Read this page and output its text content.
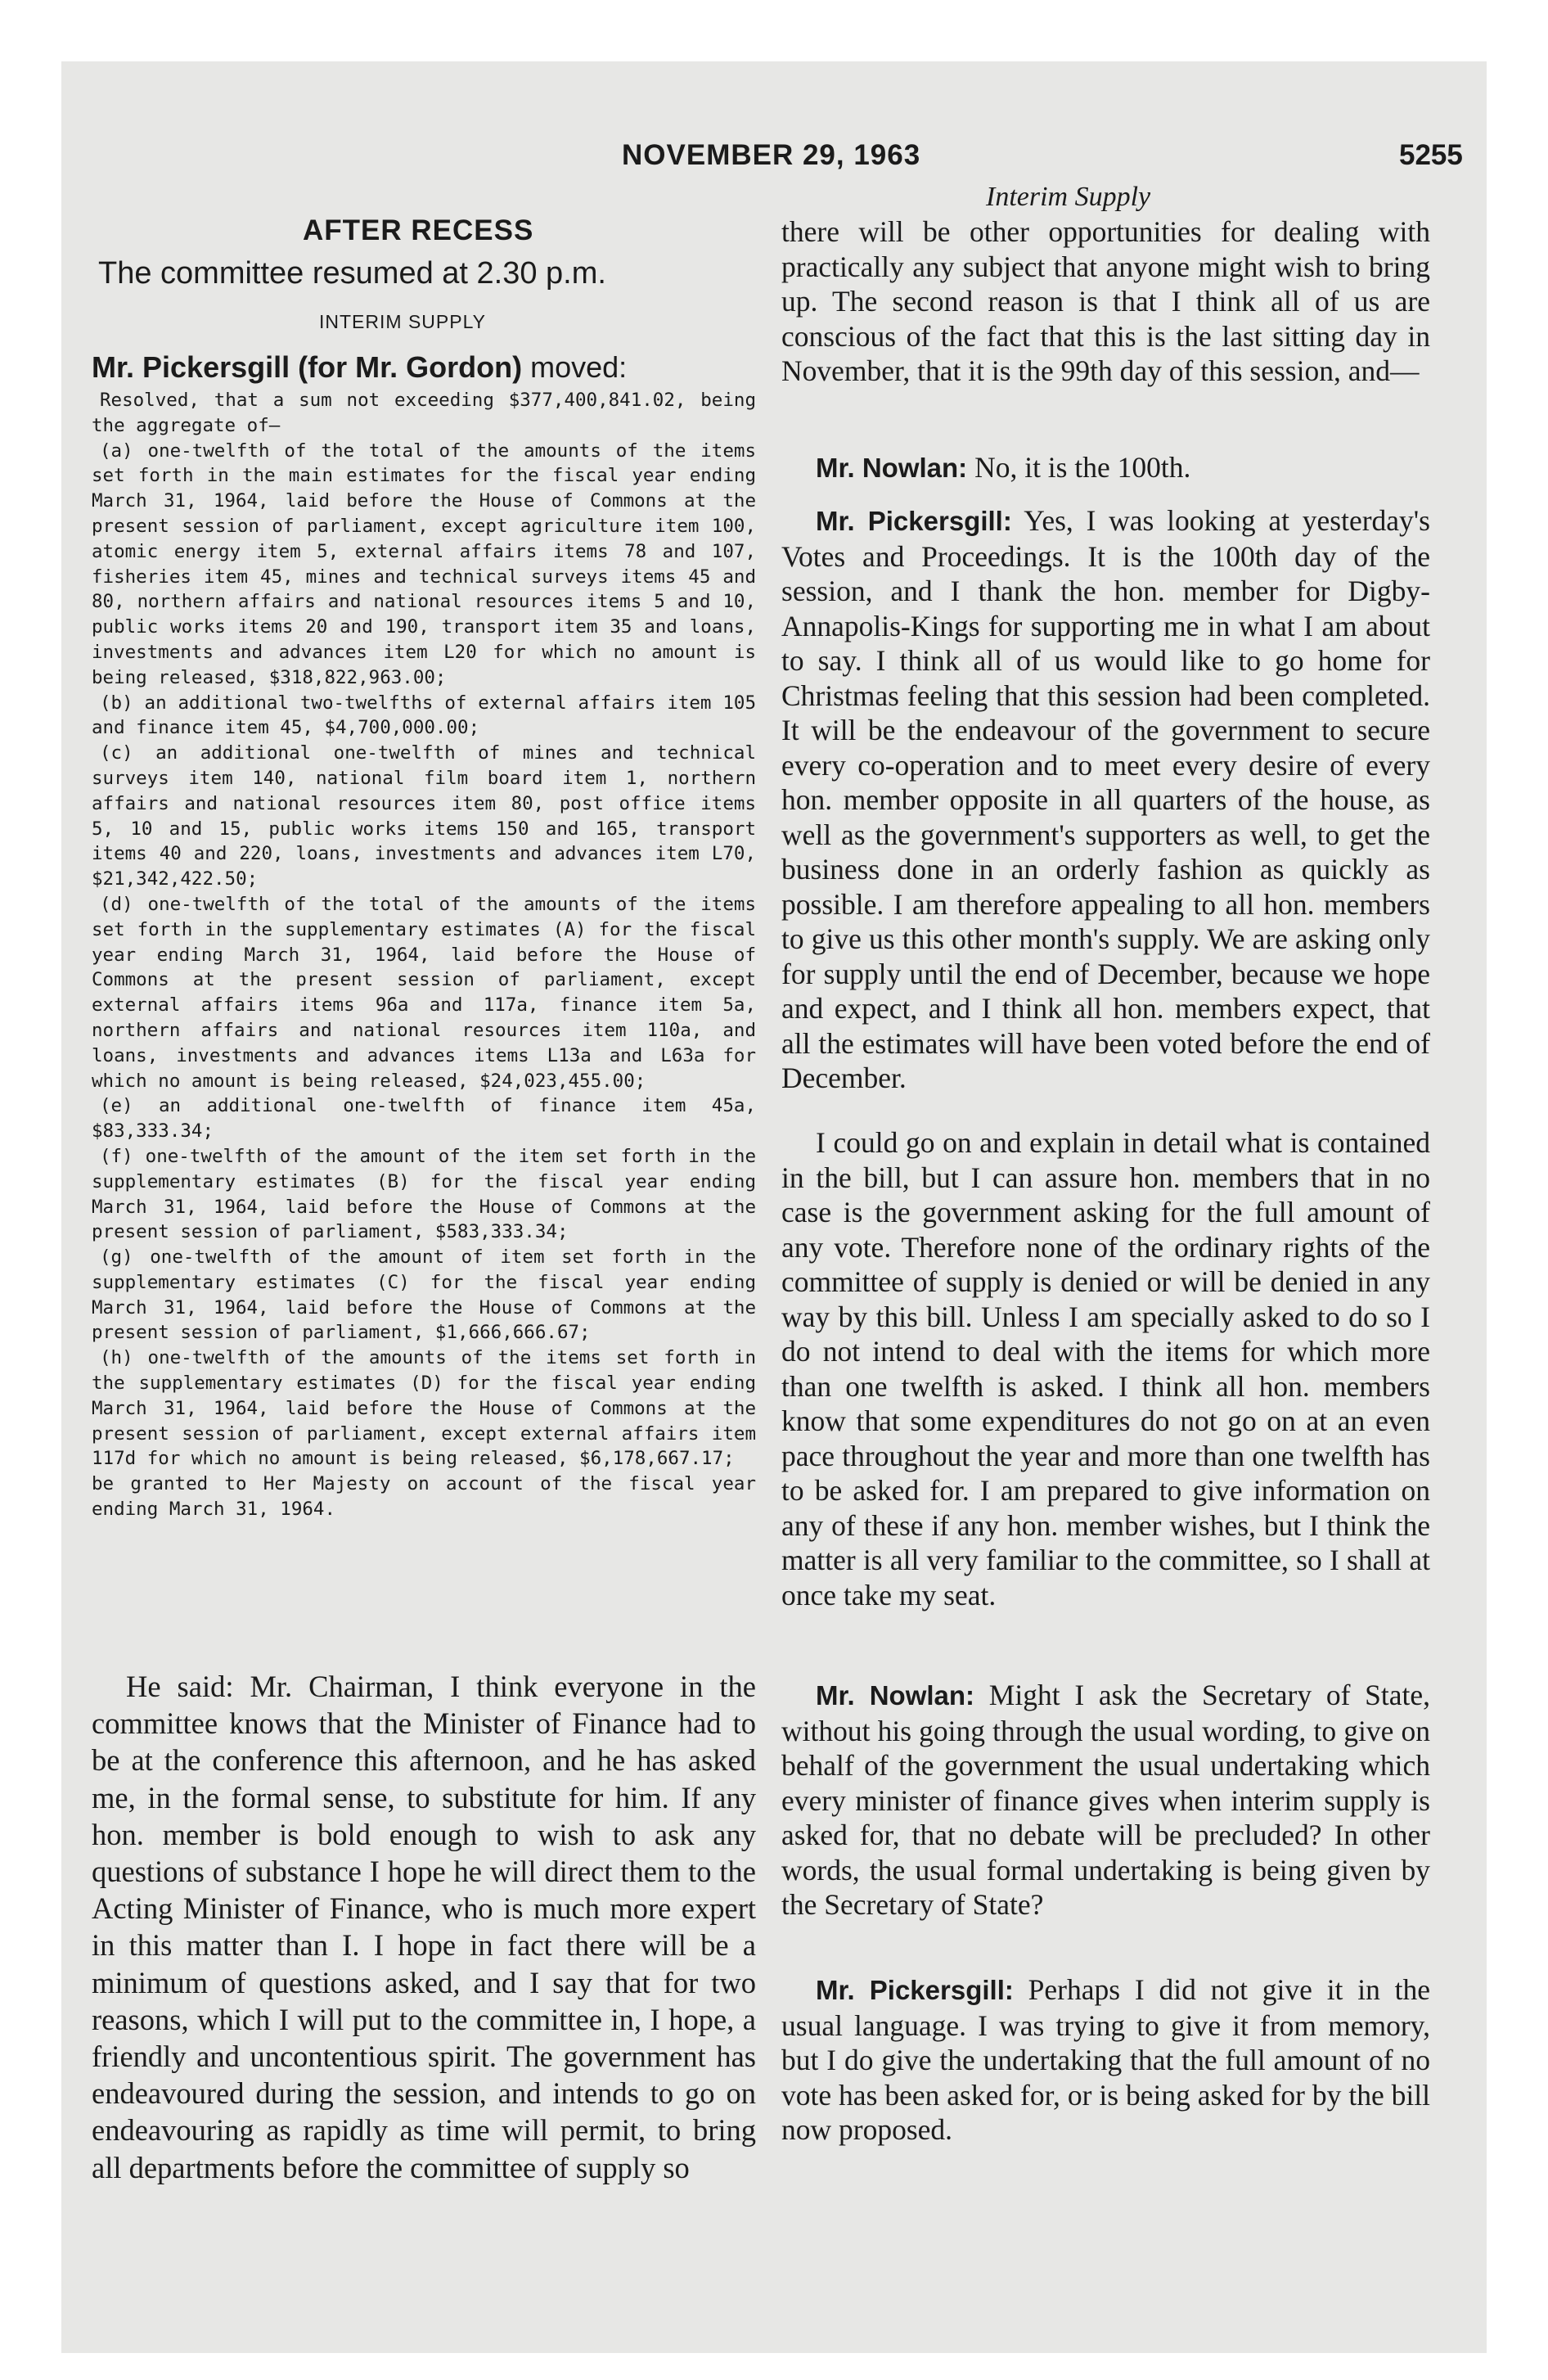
NOVEMBER 29, 1963	5255
AFTER RECESS
The committee resumed at 2.30 p.m.
INTERIM SUPPLY
Mr. Pickersgill (for Mr. Gordon) moved:

Resolved, that a sum not exceeding $377,400,841.02, being the aggregate of—

(a) one-twelfth of the total of the amounts of the items set forth in the main estimates for the fiscal year ending March 31, 1964, laid before the House of Commons at the present session of parliament, except agriculture item 100, atomic energy item 5, external affairs items 78 and 107, fisheries item 45, mines and technical surveys items 45 and 80, northern affairs and national resources items 5 and 10, public works items 20 and 190, transport item 35 and loans, investments and advances item L20 for which no amount is being released, $318,822,963.00;

(b) an additional two-twelfths of external affairs item 105 and finance item 45, $4,700,000.00;

(c) an additional one-twelfth of mines and technical surveys item 140, national film board item 1, northern affairs and national resources item 80, post office items 5, 10 and 15, public works items 150 and 165, transport items 40 and 220, loans, investments and advances item L70, $21,342,422.50;

(d) one-twelfth of the total of the amounts of the items set forth in the supplementary estimates (A) for the fiscal year ending March 31, 1964, laid before the House of Commons at the present session of parliament, except external affairs items 96a and 117a, finance item 5a, northern affairs and national resources item 110a, and loans, investments and advances items L13a and L63a for which no amount is being released, $24,023,455.00;

(e) an additional one-twelfth of finance item 45a, $83,333.34;

(f) one-twelfth of the amount of the item set forth in the supplementary estimates (B) for the fiscal year ending March 31, 1964, laid before the House of Commons at the present session of parliament, $583,333.34;

(g) one-twelfth of the amount of item set forth in the supplementary estimates (C) for the fiscal year ending March 31, 1964, laid before the House of Commons at the present session of parliament, $1,666,666.67;

(h) one-twelfth of the amounts of the items set forth in the supplementary estimates (D) for the fiscal year ending March 31, 1964, laid before the House of Commons at the present session of parliament, except external affairs item 117d for which no amount is being released, $6,178,667.17;

be granted to Her Majesty on account of the fiscal year ending March 31, 1964.

He said: Mr. Chairman, I think everyone in the committee knows that the Minister of Finance had to be at the conference this afternoon, and he has asked me, in the formal sense, to substitute for him. If any hon. member is bold enough to wish to ask any questions of substance I hope he will direct them to the Acting Minister of Finance, who is much more expert in this matter than I. I hope in fact there will be a minimum of questions asked, and I say that for two reasons, which I will put to the committee in, I hope, a friendly and uncontentious spirit. The government has endeavoured during the session, and intends to go on endeavouring as rapidly as time will permit, to bring all departments before the committee of supply so

Interim Supply

there will be other opportunities for dealing with practically any subject that anyone might wish to bring up. The second reason is that I think all of us are conscious of the fact that this is the last sitting day in November, that it is the 99th day of this session, and—

Mr. Nowlan: No, it is the 100th.

Mr. Pickersgill: Yes, I was looking at yesterday's Votes and Proceedings. It is the 100th day of the session, and I thank the hon. member for Digby-Annapolis-Kings for supporting me in what I am about to say. I think all of us would like to go home for Christmas feeling that this session had been completed. It will be the endeavour of the government to secure every co-operation and to meet every desire of every hon. member opposite in all quarters of the house, as well as the government's supporters as well, to get the business done in an orderly fashion as quickly as possible. I am therefore appealing to all hon. members to give us this other month's supply. We are asking only for supply until the end of December, because we hope and expect, and I think all hon. members expect, that all the estimates will have been voted before the end of December.

I could go on and explain in detail what is contained in the bill, but I can assure hon. members that in no case is the government asking for the full amount of any vote. Therefore none of the ordinary rights of the committee of supply is denied or will be denied in any way by this bill. Unless I am specially asked to do so I do not intend to deal with the items for which more than one twelfth is asked. I think all hon. members know that some expenditures do not go on at an even pace throughout the year and more than one twelfth has to be asked for. I am prepared to give information on any of these if any hon. member wishes, but I think the matter is all very familiar to the committee, so I shall at once take my seat.

Mr. Nowlan: Might I ask the Secretary of State, without his going through the usual wording, to give on behalf of the government the usual undertaking which every minister of finance gives when interim supply is asked for, that no debate will be precluded? In other words, the usual formal undertaking is being given by the Secretary of State?

Mr. Pickersgill: Perhaps I did not give it in the usual language. I was trying to give it from memory, but I do give the undertaking that the full amount of no vote has been asked for, or is being asked for by the bill now proposed.
